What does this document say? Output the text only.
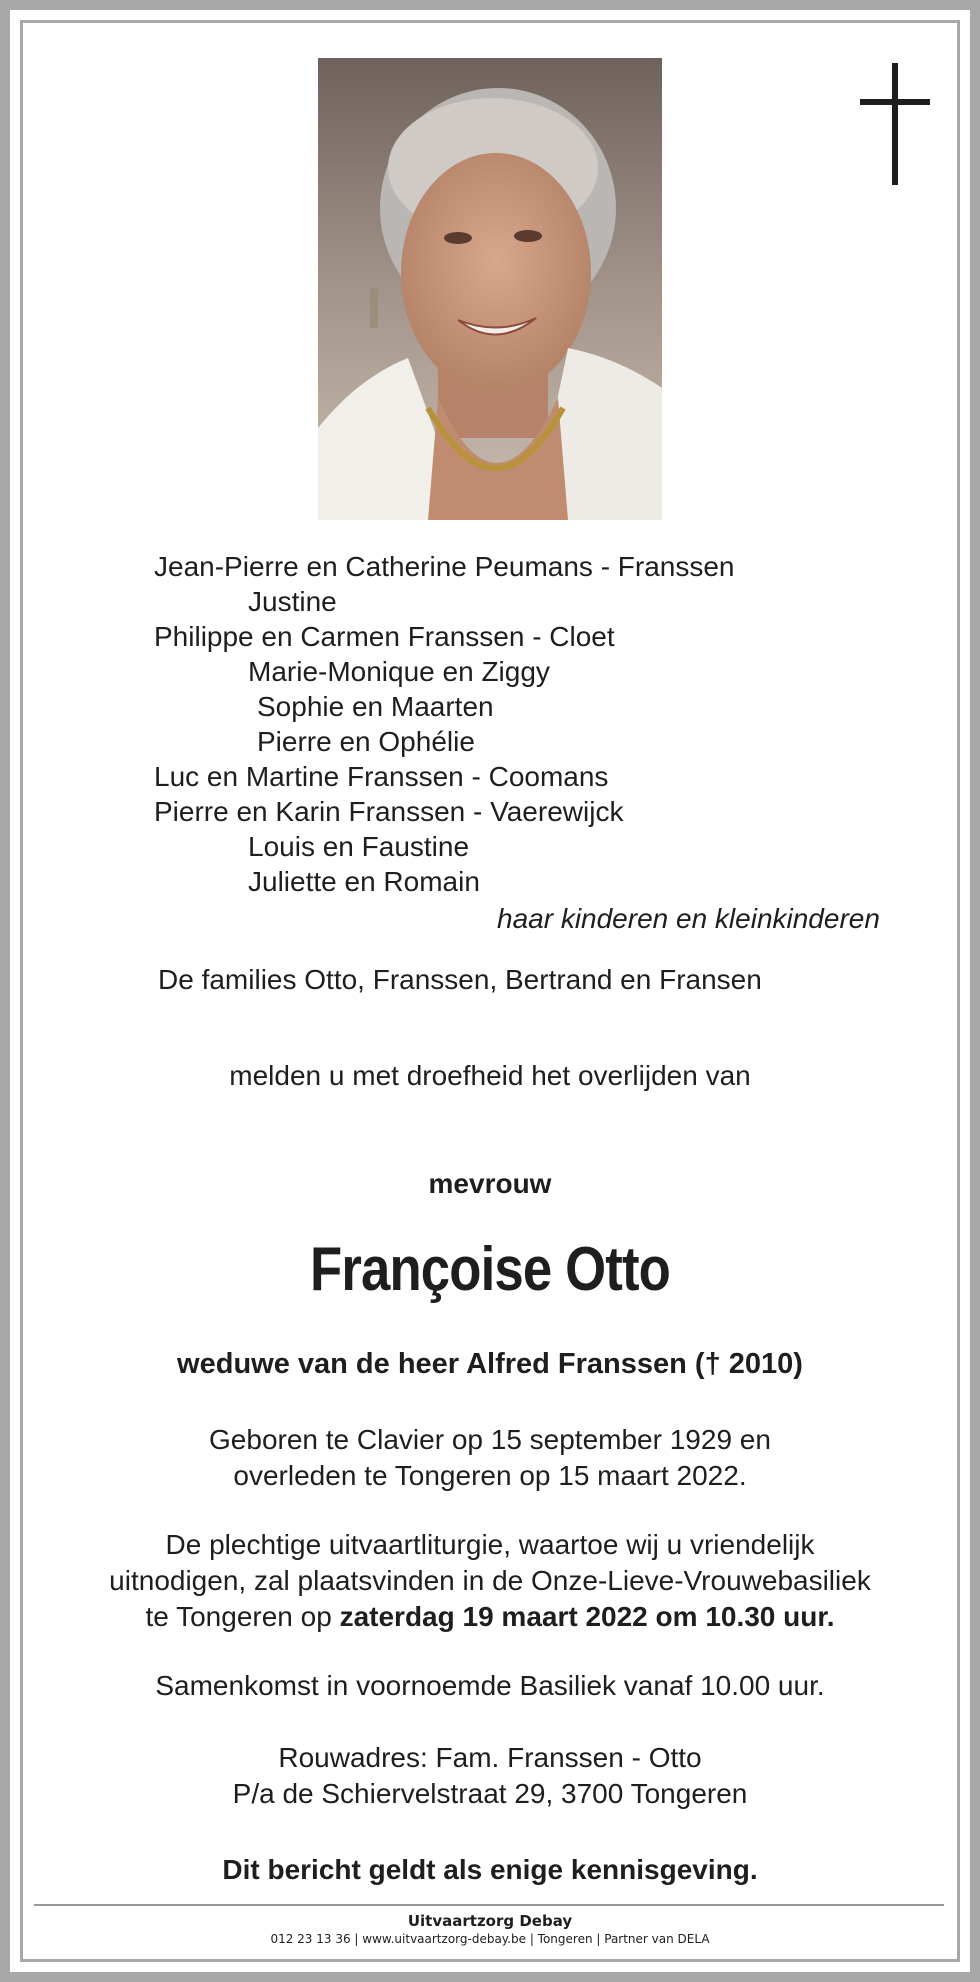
Jean-Pierre en Catherine Peumans - Franssen
Justine
Philippe en Carmen Franssen - Cloet
Marie-Monique en Ziggy
Sophie en Maarten
Pierre en Ophélie
Luc en Martine Franssen - Coomans
Pierre en Karin Franssen - Vaerewijck
Louis en Faustine
Juliette en Romain
haar kinderen en kleinkinderen
De families Otto, Franssen, Bertrand en Fransen
melden u met droefheid het overlijden van
mevrouw
Françoise Otto
weduwe van de heer Alfred Franssen († 2010)
Geboren te Clavier op 15 september 1929 en
overleden te Tongeren op 15 maart 2022.
De plechtige uitvaartliturgie, waartoe wij u vriendelijk
uitnodigen, zal plaatsvinden in de Onze-Lieve-Vrouwebasiliek
te Tongeren op zaterdag 19 maart 2022 om 10.30 uur.
Samenkomst in voornoemde Basiliek vanaf 10.00 uur.
Rouwadres: Fam. Franssen - Otto
P/a de Schiervelstraat 29, 3700 Tongeren
Dit bericht geldt als enige kennisgeving.
Uitvaartzorg Debay
012 23 13 36 | www.uitvaartzorg-debay.be | Tongeren | Partner van DELA
